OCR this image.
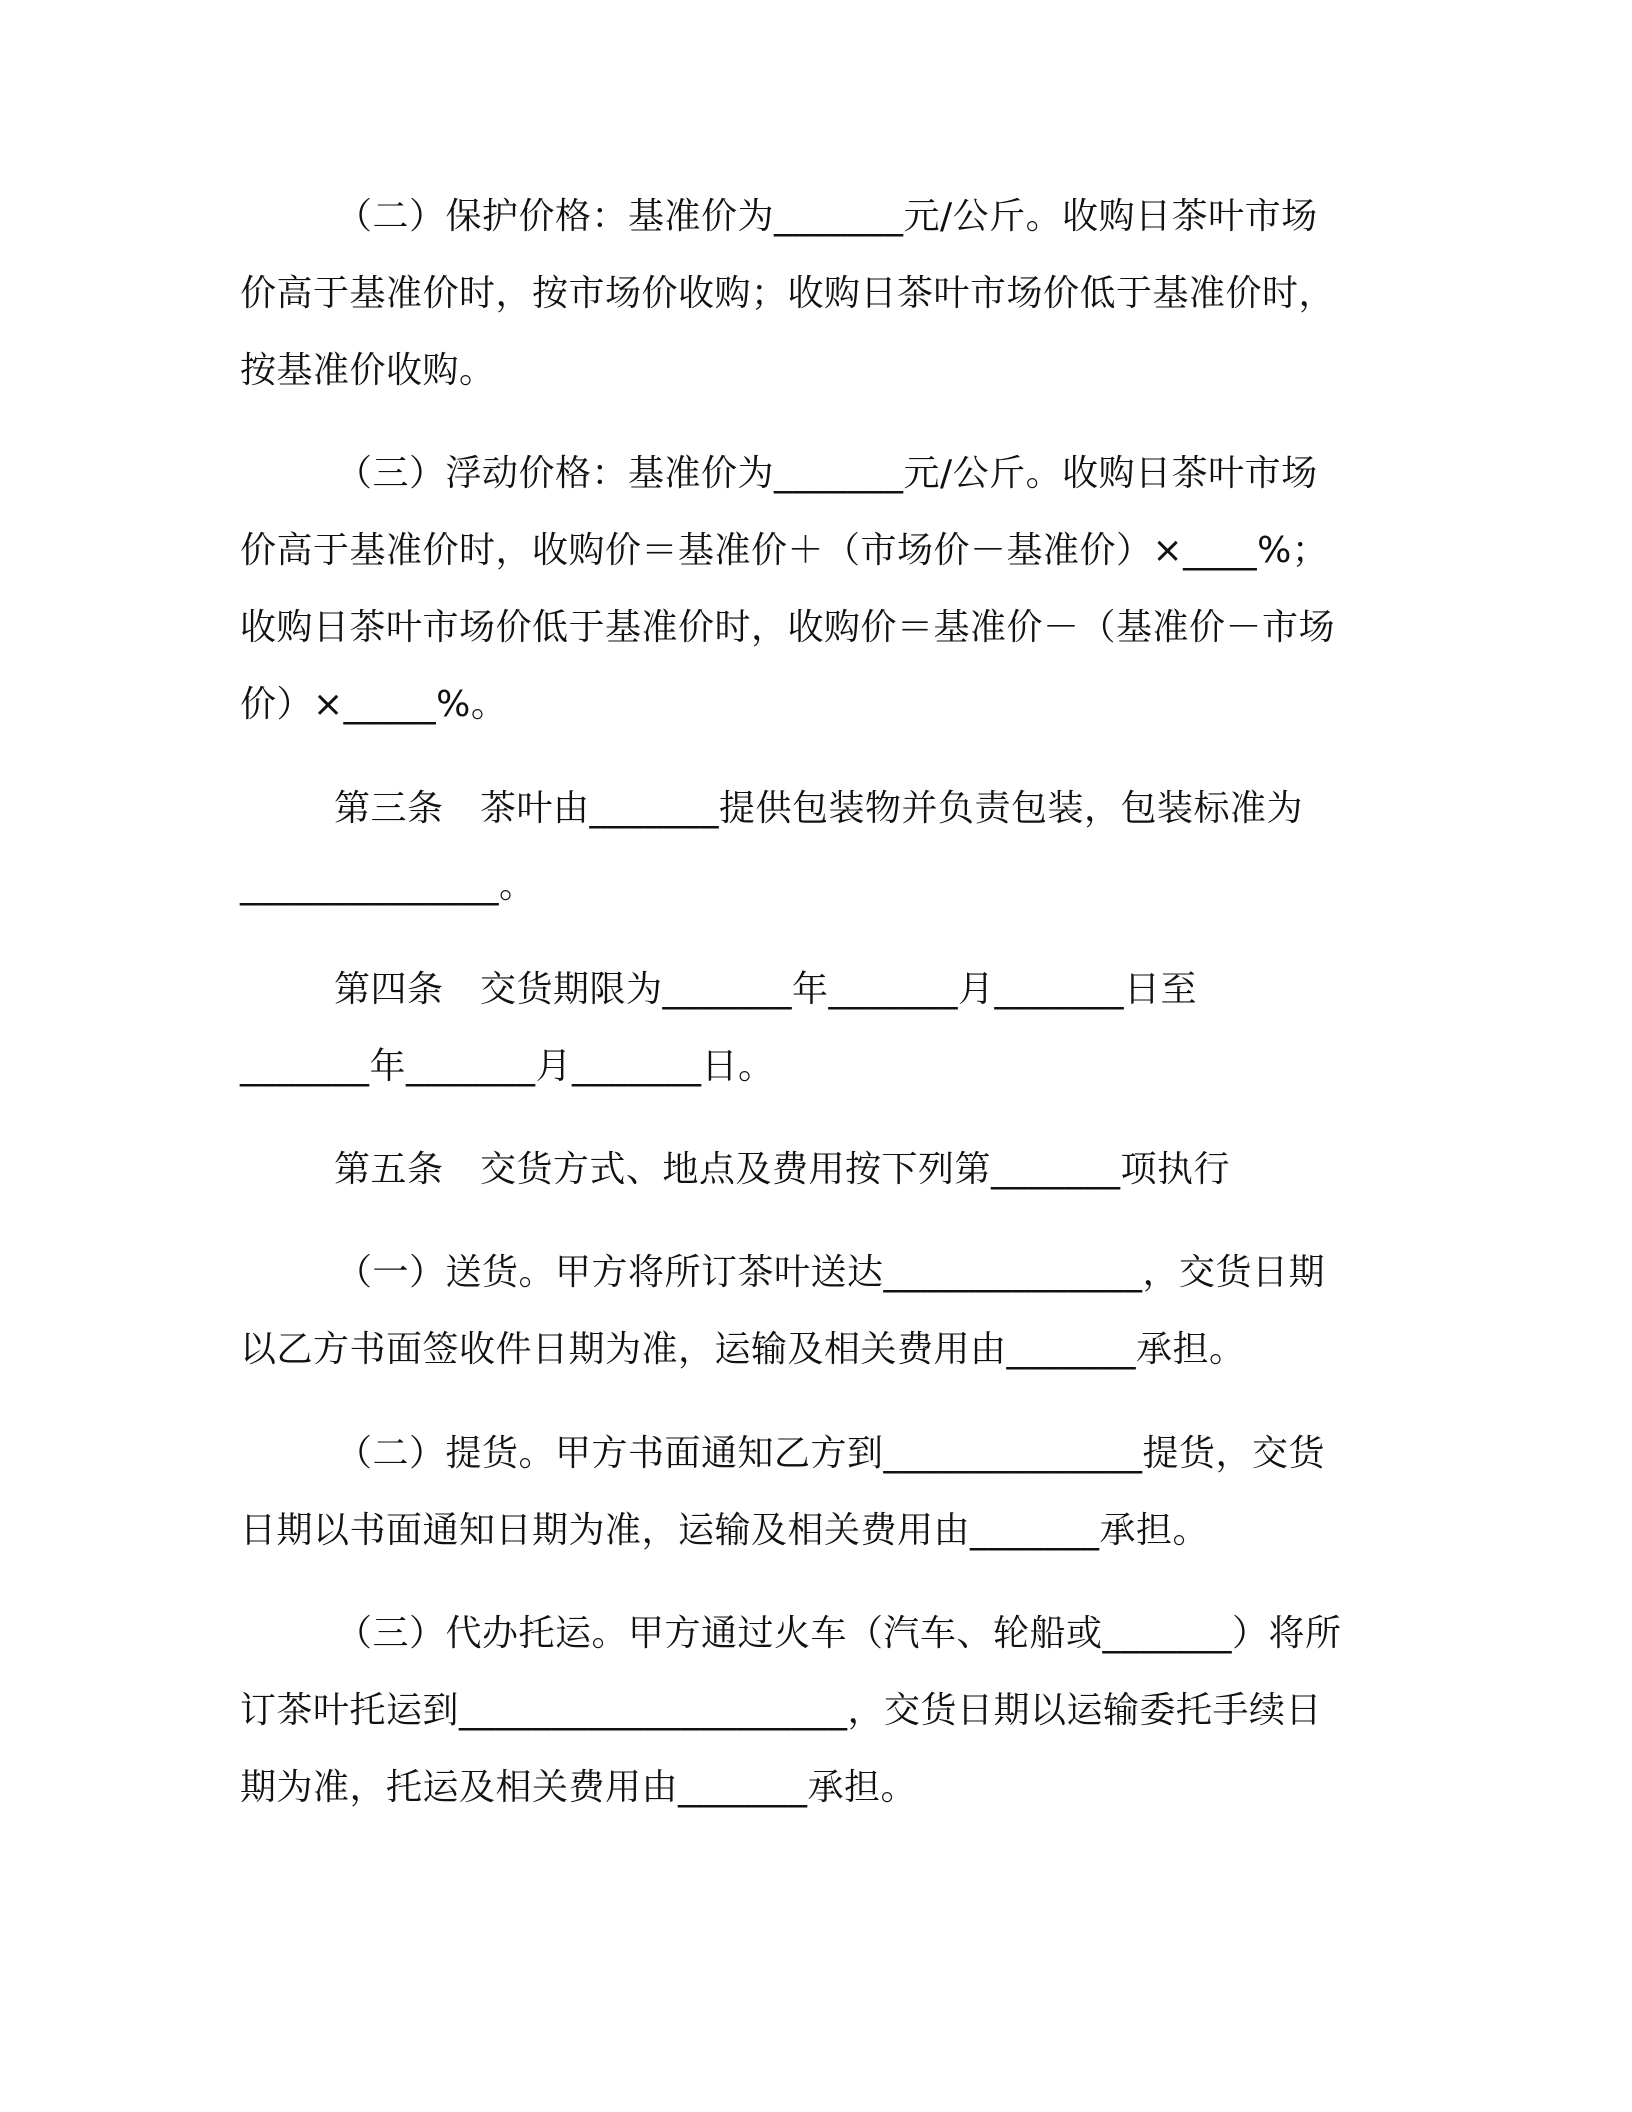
（二）保护价格：基准价为_______元/公斤。收购日茶叶市场

价高于基准价时，按市场价收购；收购日茶叶市场价低于基准价时，

按基准价收购。

（三）浮动价格：基准价为_______元/公斤。收购日茶叶市场

价高于基准价时，收购价＝基准价＋（市场价－基准价）×____%；

收购日茶叶市场价低于基准价时，收购价＝基准价－（基准价－市场

价）×_____%。

第三条　茶叶由_______提供包装物并负责包装，包装标准为

______________。

第四条　交货期限为_______年_______月_______日至

_______年_______月_______日。

第五条　交货方式、地点及费用按下列第_______项执行

（一）送货。甲方将所订茶叶送达______________，交货日期

以乙方书面签收件日期为准，运输及相关费用由_______承担。

（二）提货。甲方书面通知乙方到______________提货，交货

日期以书面通知日期为准，运输及相关费用由_______承担。

（三）代办托运。甲方通过火车（汽车、轮船或_______）将所

订茶叶托运到_____________________，交货日期以运输委托手续日

期为准，托运及相关费用由_______承担。
